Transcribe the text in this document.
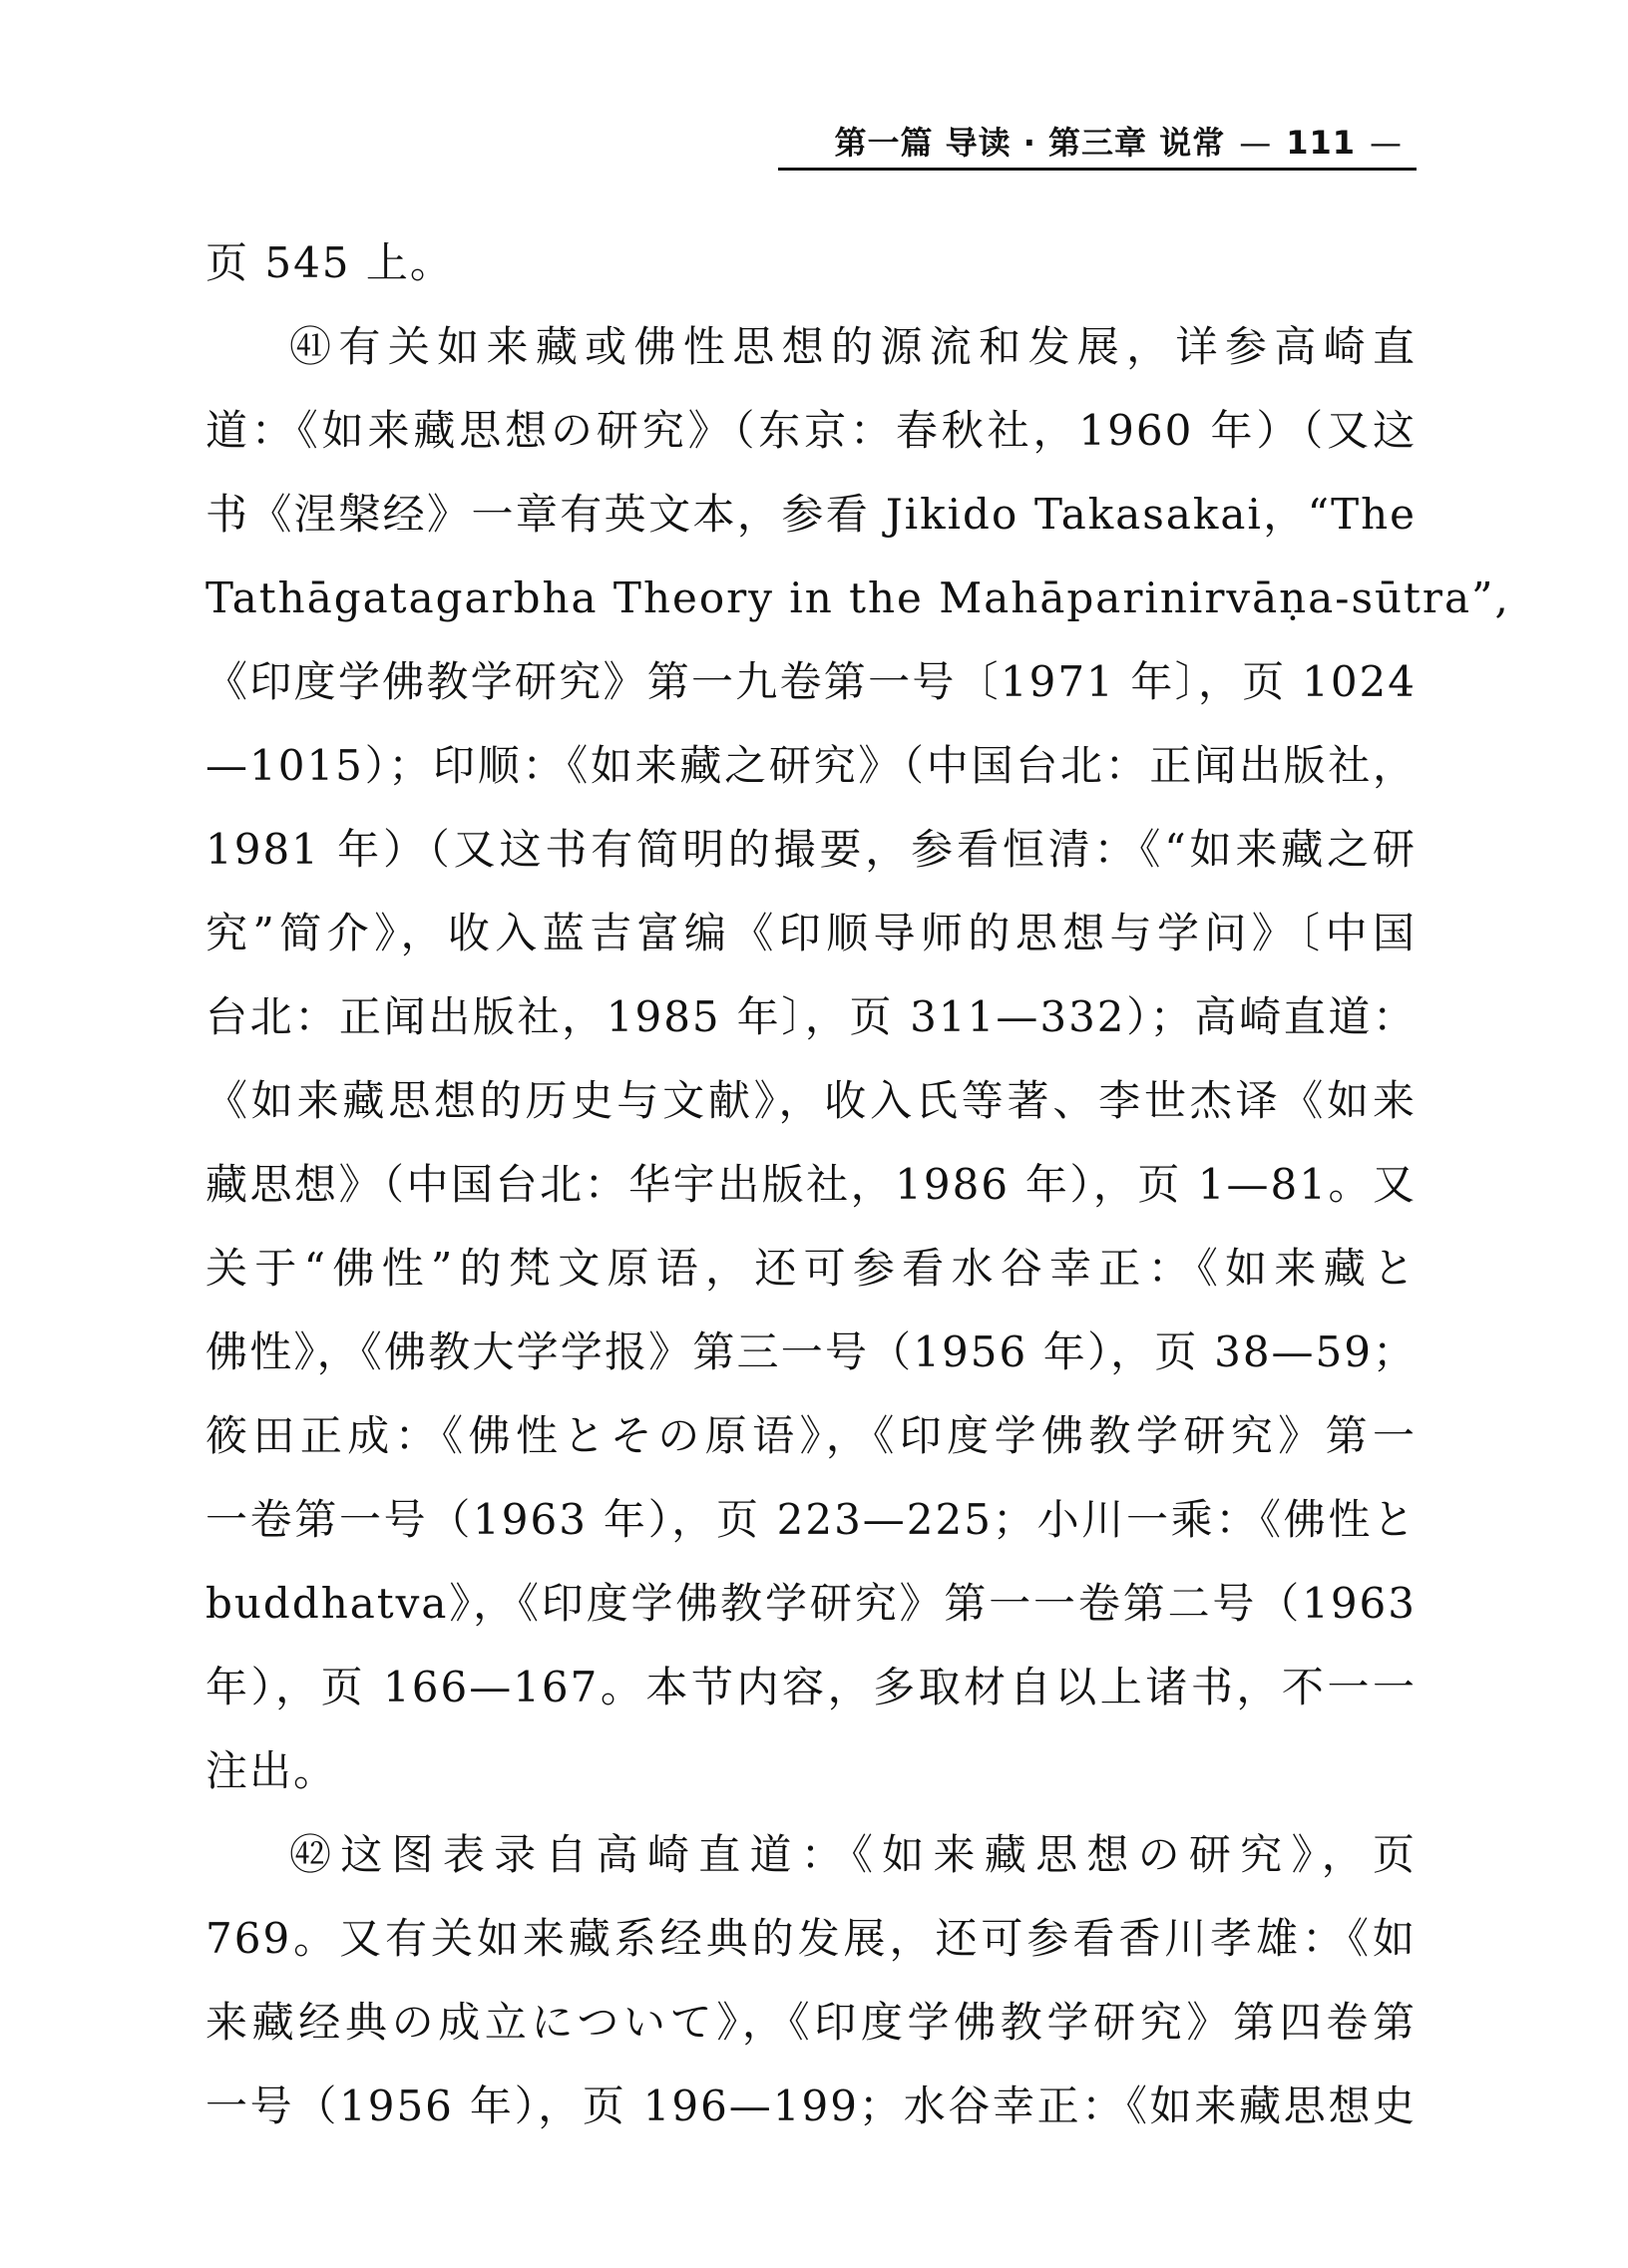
第一篇 导读 · 第三章 说常 — 111 —
页 545 上。
㊶有关如来藏或佛性思想的源流和发展，详参高崎直
道：《如来藏思想の研究》（东京：春秋社，1960 年）（又这
书《涅槃经》一章有英文本，参看 Jikido Takasakai，“The
Tathāgatagarbha Theory in the Mahāparinirvāṇa-sūtra”,
《印度学佛教学研究》第一九卷第一号〔1971 年〕，页 1024
—1015）；印顺：《如来藏之研究》（中国台北：正闻出版社，
1981 年）（又这书有简明的撮要，参看恒清：《“如来藏之研
究”简介》，收入蓝吉富编《印顺导师的思想与学问》〔中国
台北：正闻出版社，1985 年〕，页 311—332）；高崎直道：
《如来藏思想的历史与文献》，收入氏等著、李世杰译《如来
藏思想》（中国台北：华宇出版社，1986 年），页 1—81。又
关于“佛性”的梵文原语，还可参看水谷幸正：《如来藏と
佛性》，《佛教大学学报》第三一号（1956 年），页 38—59；
筱田正成：《佛性とその原语》，《印度学佛教学研究》第一
一卷第一号（1963 年），页 223—225；小川一乘：《佛性と
buddhatva》，《印度学佛教学研究》第一一卷第二号（1963
年），页 166—167。本节内容，多取材自以上诸书，不一一
注出。
㊷这图表录自高崎直道：《如来藏思想の研究》，页
769。又有关如来藏系经典的发展，还可参看香川孝雄：《如
来藏经典の成立について》，《印度学佛教学研究》第四卷第
一号（1956 年），页 196—199；水谷幸正：《如来藏思想史
